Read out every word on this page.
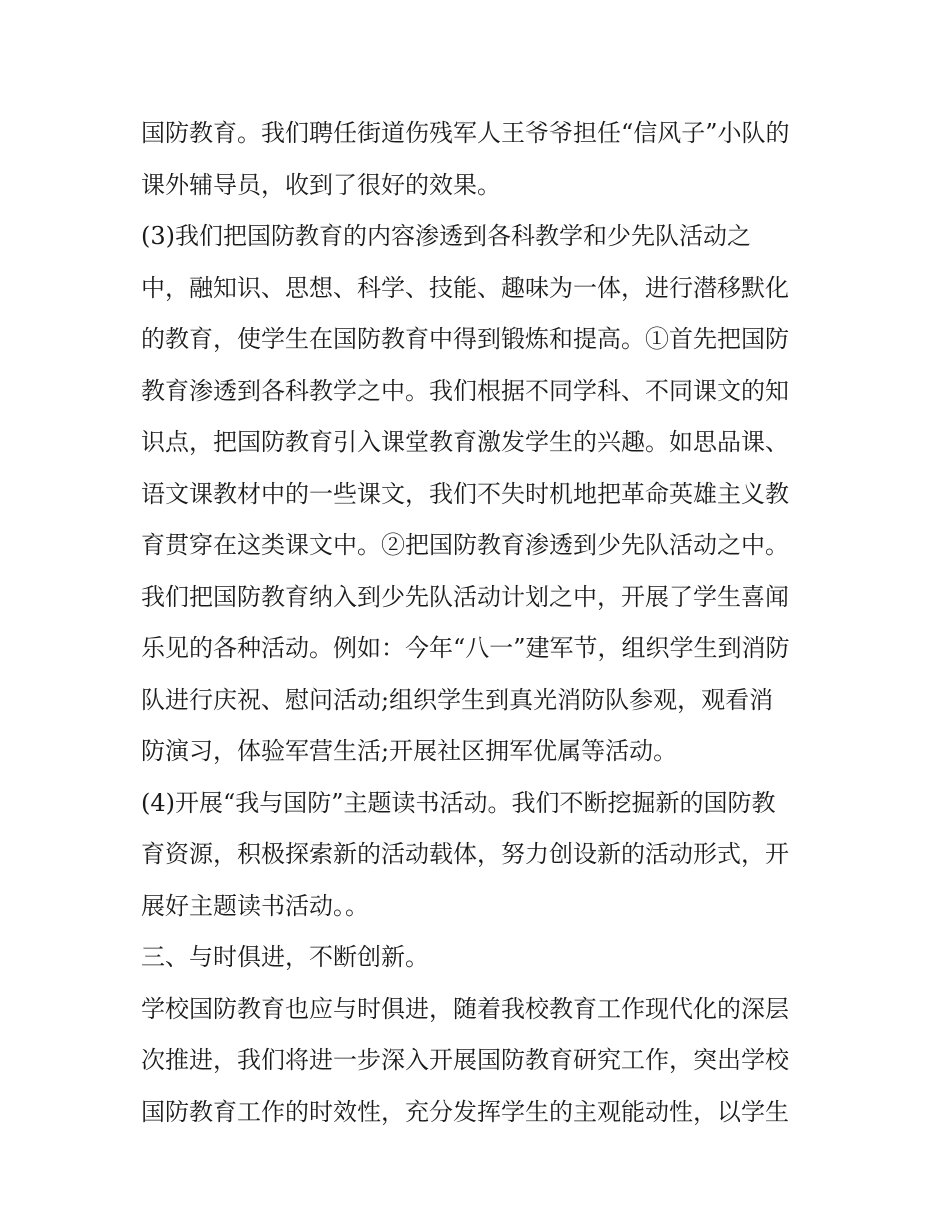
国防教育。我们聘任街道伤残军人王爷爷担任“信风子”小队的
课外辅导员，收到了很好的效果。
(3)我们把国防教育的内容渗透到各科教学和少先队活动之
中，融知识、思想、科学、技能、趣味为一体，进行潜移默化
的教育，使学生在国防教育中得到锻炼和提高。①首先把国防
教育渗透到各科教学之中。我们根据不同学科、不同课文的知
识点，把国防教育引入课堂教育激发学生的兴趣。如思品课、
语文课教材中的一些课文，我们不失时机地把革命英雄主义教
育贯穿在这类课文中。②把国防教育渗透到少先队活动之中。
我们把国防教育纳入到少先队活动计划之中，开展了学生喜闻
乐见的各种活动。例如：今年“八一”建军节，组织学生到消防
队进行庆祝、慰问活动;组织学生到真光消防队参观，观看消
防演习，体验军营生活;开展社区拥军优属等活动。
(4)开展“我与国防”主题读书活动。我们不断挖掘新的国防教
育资源，积极探索新的活动载体，努力创设新的活动形式，开
展好主题读书活动。。
三、与时俱进，不断创新。
学校国防教育也应与时俱进，随着我校教育工作现代化的深层
次推进，我们将进一步深入开展国防教育研究工作，突出学校
国防教育工作的时效性，充分发挥学生的主观能动性，以学生
